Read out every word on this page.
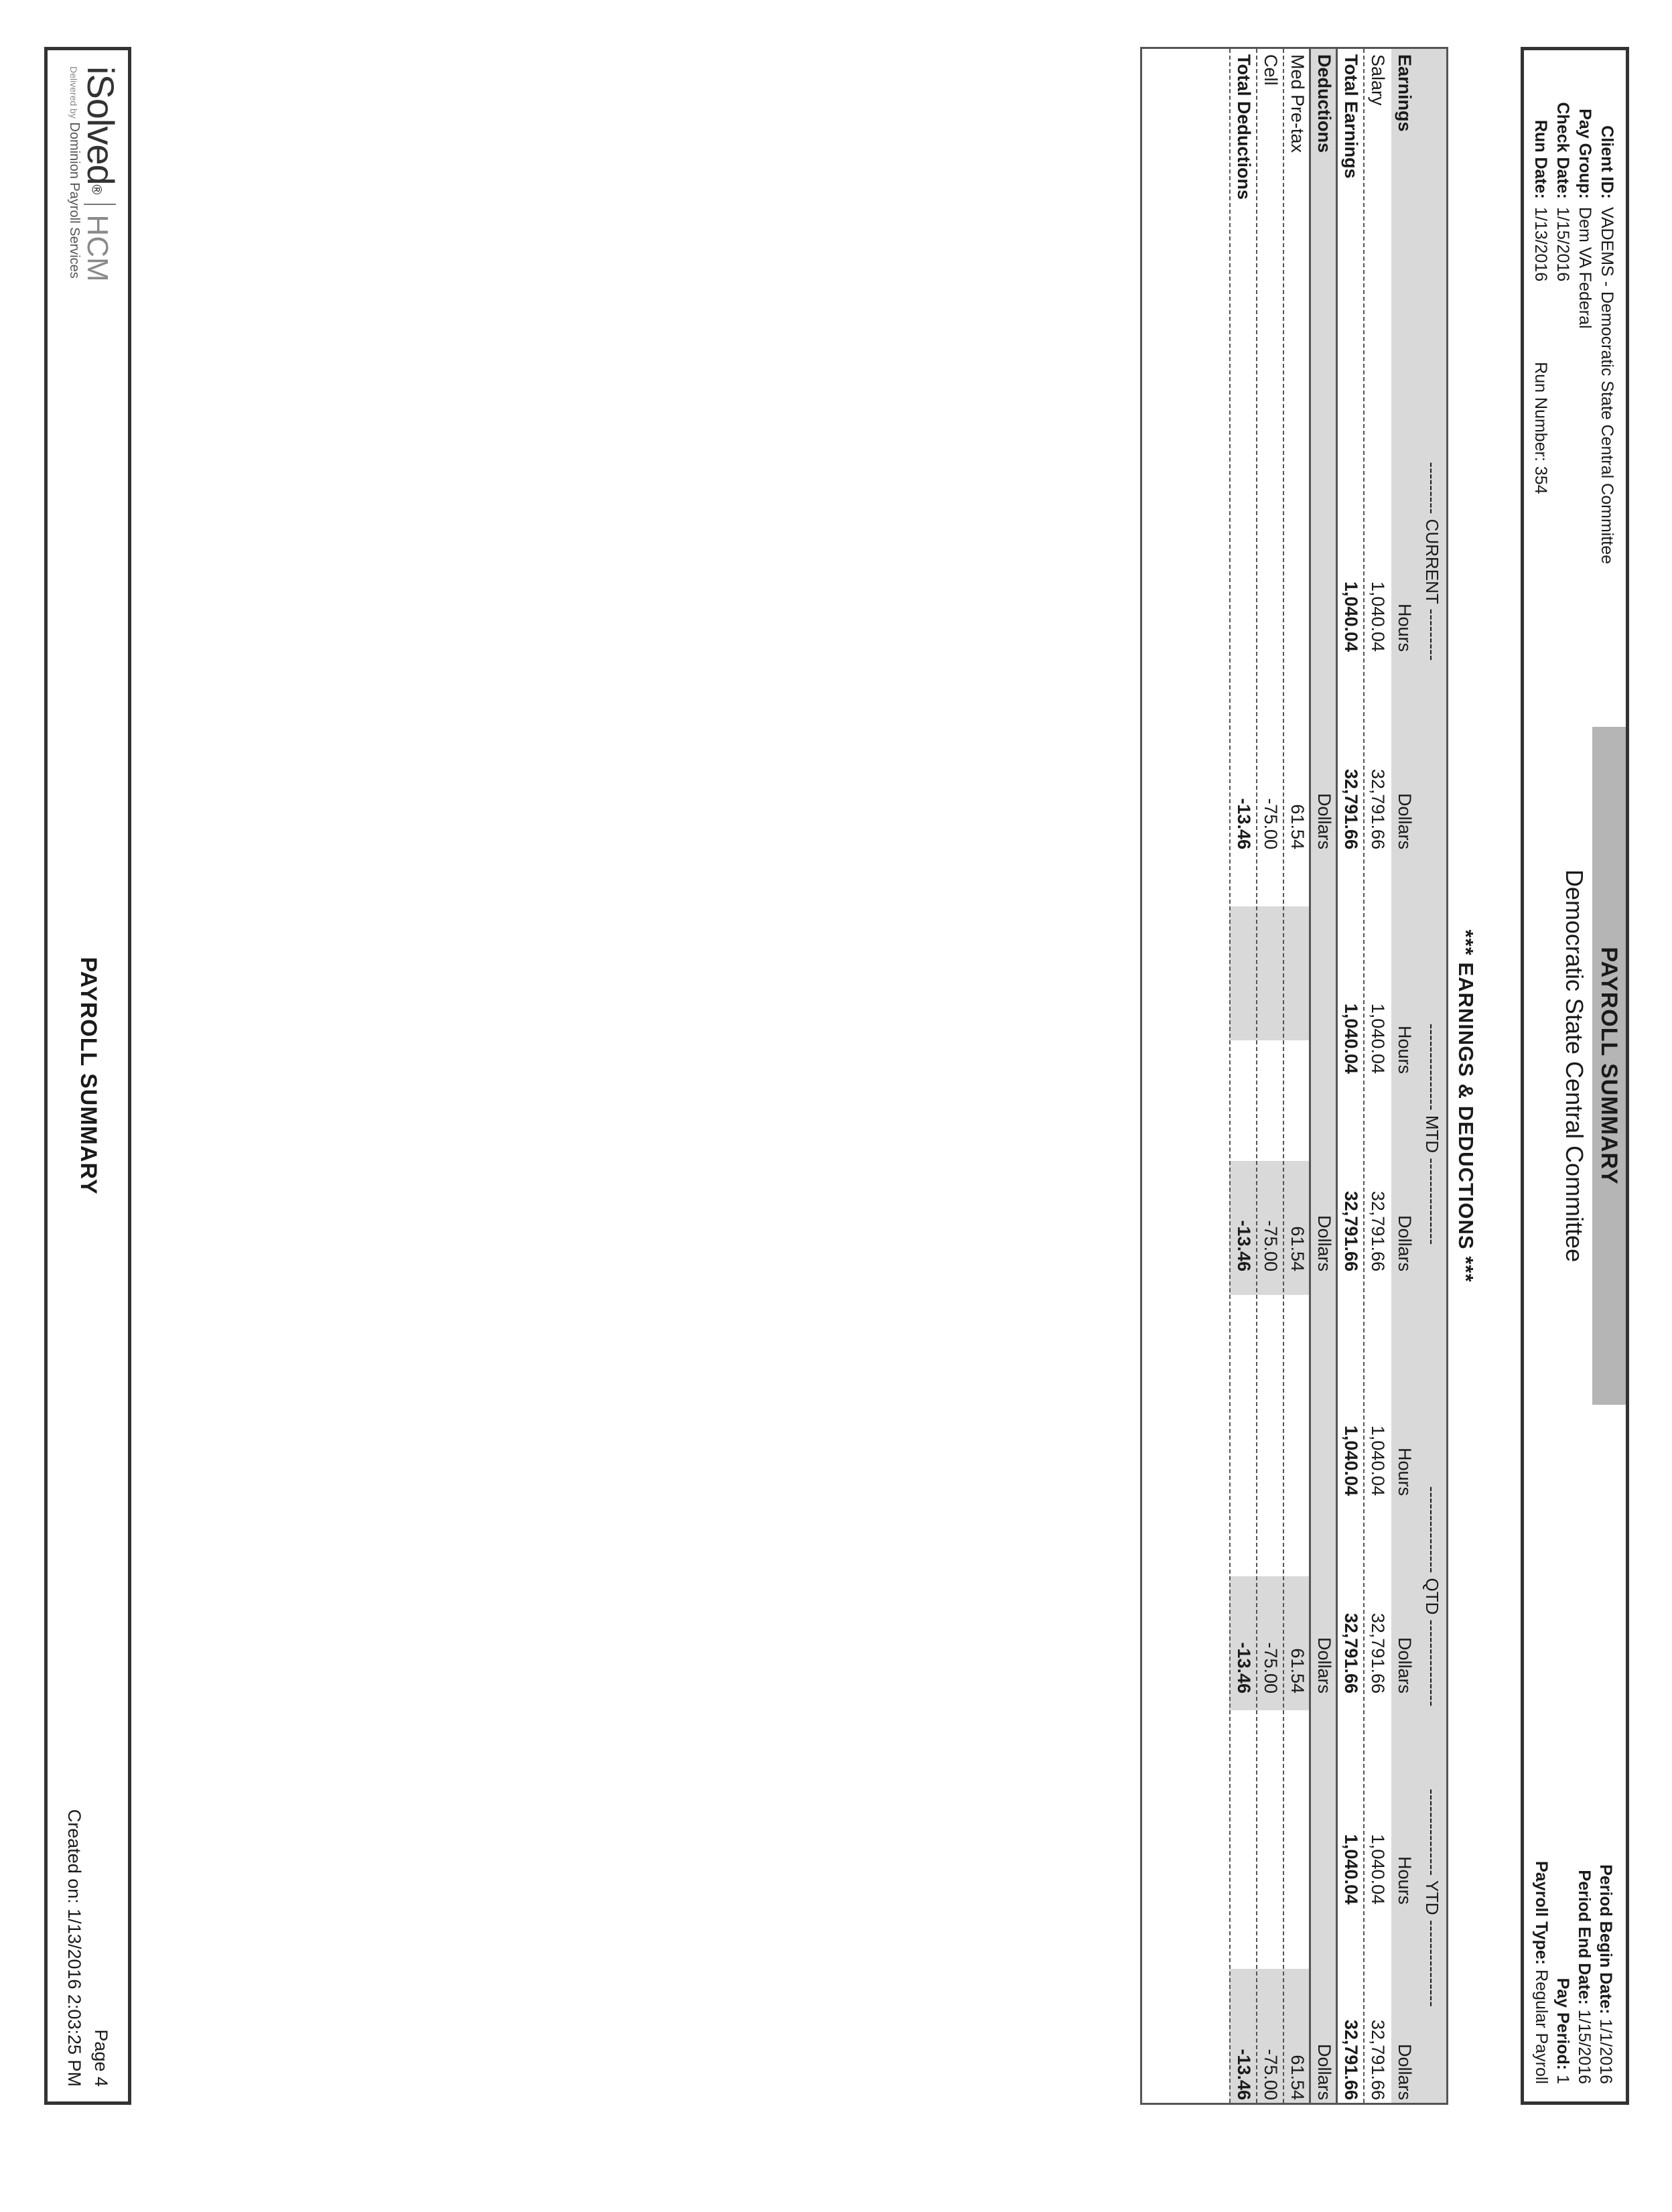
Client ID:
VADEMS - Democratic State Central Committee
Pay Group:
Dem VA Federal
Check Date:
1/15/2016
Run Date:
1/13/2016
Run Number: 354
PAYROLL SUMMARY
Democratic State Central Committee
Period Begin Date: 1/1/2016
Period End Date: 1/15/2016
Pay Period: 1
Payroll Type: Regular Payroll
*** EARNINGS & DEDUCTIONS ***
--------- CURRENT ---------
--------------- MTD ---------------
--------------- QTD ---------------
--------------- YTD ---------------
Earnings
Hours
Dollars
Hours
Dollars
Hours
Dollars
Hours
Dollars
Salary
1,040.04
32,791.66
1,040.04
32,791.66
1,040.04
32,791.66
1,040.04
32,791.66
Total Earnings
1,040.04
32,791.66
1,040.04
32,791.66
1,040.04
32,791.66
1,040.04
32,791.66
Deductions
Dollars
Dollars
Dollars
Dollars
Med Pre-tax
61.54
61.54
61.54
61.54
Cell
-75.00
-75.00
-75.00
-75.00
Total Deductions
-13.46
-13.46
-13.46
-13.46
iSolved®HCM
Delivered by Dominion Payroll Services
PAYROLL SUMMARY
Page 4
Created on: 1/13/2016 2:03:25 PM
